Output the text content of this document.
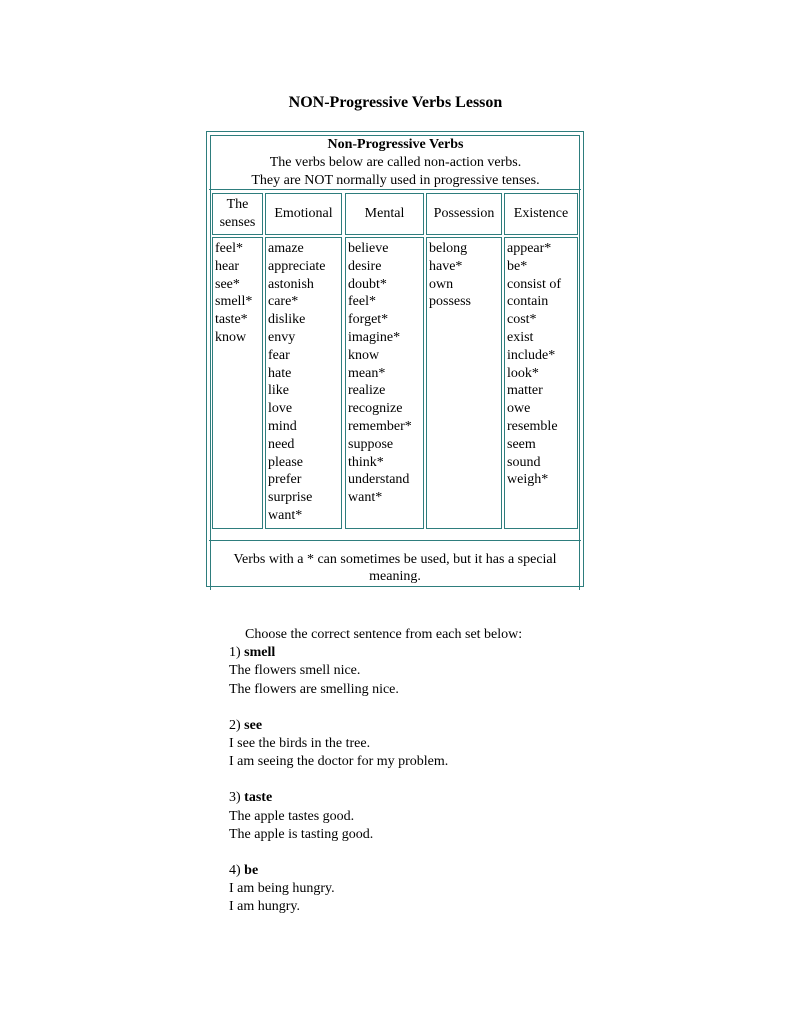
NON-Progressive Verbs Lesson
Non-Progressive Verbs
The verbs below are called non-action verbs.
They are NOT normally used in progressive tenses.
The senses
Emotional Mental Possession Existence
feel*
hear
see*
smell*
taste*
know
amaze
appreciate
astonish
care*
dislike
envy
fear
hate
like
love
mind
need
please
prefer
surprise
want*
believe
desire
doubt*
feel*
forget*
imagine*
know
mean*
realize
recognize
remember*
suppose
think*
understand
want*
belong
have*
own
possess
appear*
be*
consist of
contain
cost*
exist
include*
look*
matter
owe
resemble
seem
sound
weigh*
Verbs with a * can sometimes be used, but it has a special meaning.
Choose the correct sentence from each set below:
1) smell
The flowers smell nice.
The flowers are smelling nice.
2) see
I see the birds in the tree.
I am seeing the doctor for my problem.
3) taste
The apple tastes good.
The apple is tasting good.
4) be
I am being hungry.
I am hungry.
